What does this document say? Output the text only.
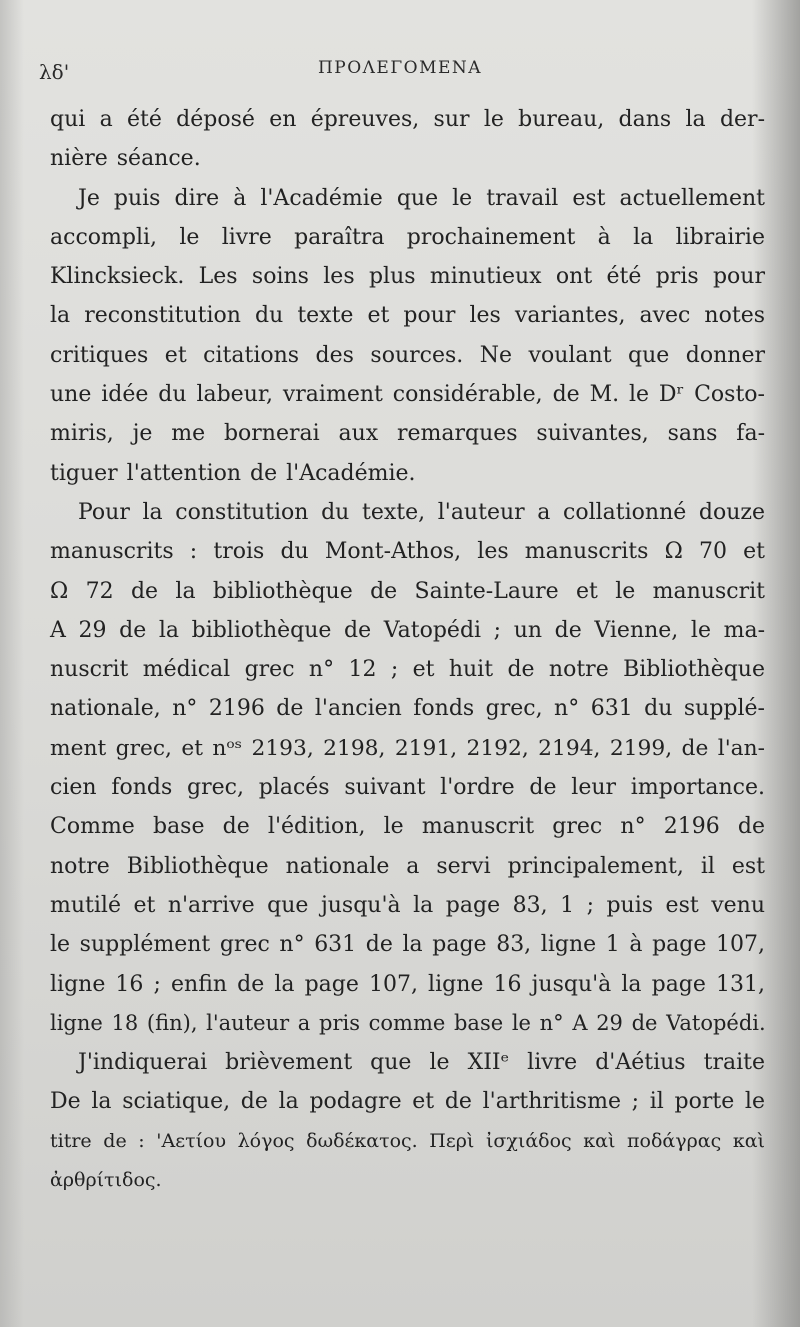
λδ'	ΠΡΟΛΕΓΟΜΕΝΑ
qui a été déposé en épreuves, sur le bureau, dans la der-
nière séance.
Je puis dire à l'Académie que le travail est actuellement
accompli, le livre paraîtra prochainement à la librairie
Klincksieck. Les soins les plus minutieux ont été pris pour
la reconstitution du texte et pour les variantes, avec notes
critiques et citations des sources. Ne voulant que donner
une idée du labeur, vraiment considérable, de M. le Dʳ Costo-
miris, je me bornerai aux remarques suivantes, sans fa-
tiguer l'attention de l'Académie.
Pour la constitution du texte, l'auteur a collationné douze
manuscrits : trois du Mont-Athos, les manuscrits Ω 70 et
Ω 72 de la bibliothèque de Sainte-Laure et le manuscrit
A 29 de la bibliothèque de Vatopédi ; un de Vienne, le ma-
nuscrit médical grec n° 12 ; et huit de notre Bibliothèque
nationale, n° 2196 de l'ancien fonds grec, n° 631 du supplé-
ment grec, et nᵒˢ 2193, 2198, 2191, 2192, 2194, 2199, de l'an-
cien fonds grec, placés suivant l'ordre de leur importance.
Comme base de l'édition, le manuscrit grec n° 2196 de
notre Bibliothèque nationale a servi principalement, il est
mutilé et n'arrive que jusqu'à la page 83, 1 ; puis est venu
le supplément grec n° 631 de la page 83, ligne 1 à page 107,
ligne 16 ; enfin de la page 107, ligne 16 jusqu'à la page 131,
ligne 18 (fin), l'auteur a pris comme base le n° A 29 de Vatopédi.
J'indiquerai brièvement que le XIIᵉ livre d'Aétius traite
De la sciatique, de la podagre et de l'arthritisme ; il porte le
titre de : 'Αετίου λόγος δωδέκατος. Περὶ ἰσχιάδος καὶ ποδάγρας καὶ
ἀρθρίτιδος.
